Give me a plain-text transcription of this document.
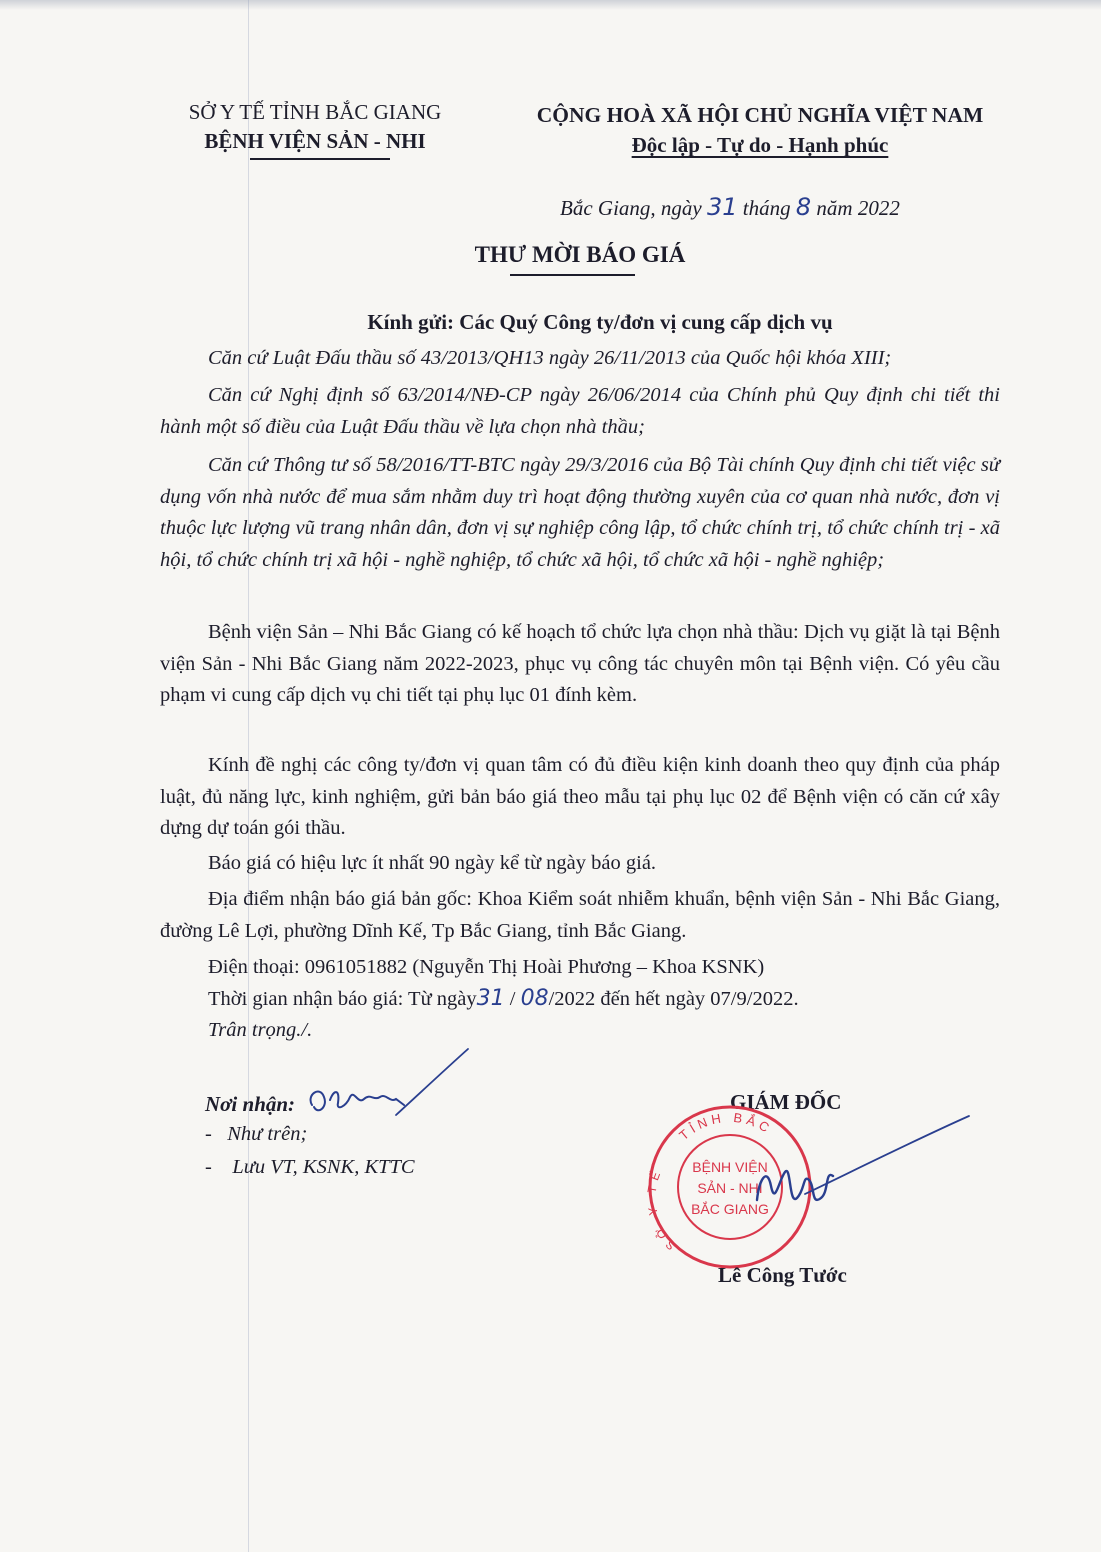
SỞ Y TẾ TỈNH BẮC GIANG
BỆNH VIỆN SẢN - NHI
CỘNG HOÀ XÃ HỘI CHỦ NGHĨA VIỆT NAM
Độc lập - Tự do - Hạnh phúc
Bắc Giang, ngày 31 tháng 8 năm 2022
THƯ MỜI BÁO GIÁ
Kính gửi: Các Quý Công ty/đơn vị cung cấp dịch vụ
Căn cứ Luật Đấu thầu số 43/2013/QH13 ngày 26/11/2013 của Quốc hội khóa XIII;
Căn cứ Nghị định số 63/2014/NĐ-CP ngày 26/06/2014 của Chính phủ Quy định chi tiết thi hành một số điều của Luật Đấu thầu về lựa chọn nhà thầu;
Căn cứ Thông tư số 58/2016/TT-BTC ngày 29/3/2016 của Bộ Tài chính Quy định chi tiết việc sử dụng vốn nhà nước để mua sắm nhằm duy trì hoạt động thường xuyên của cơ quan nhà nước, đơn vị thuộc lực lượng vũ trang nhân dân, đơn vị sự nghiệp công lập, tổ chức chính trị, tổ chức chính trị - xã hội, tổ chức chính trị xã hội - nghề nghiệp, tổ chức xã hội, tổ chức xã hội - nghề nghiệp;
Bệnh viện Sản – Nhi Bắc Giang có kế hoạch tổ chức lựa chọn nhà thầu: Dịch vụ giặt là tại Bệnh viện Sản - Nhi Bắc Giang năm 2022-2023, phục vụ công tác chuyên môn tại Bệnh viện. Có yêu cầu phạm vi cung cấp dịch vụ chi tiết tại phụ lục 01 đính kèm.
Kính đề nghị các công ty/đơn vị quan tâm có đủ điều kiện kinh doanh theo quy định của pháp luật, đủ năng lực, kinh nghiệm, gửi bản báo giá theo mẫu tại phụ lục 02 để Bệnh viện có căn cứ xây dựng dự toán gói thầu.
Báo giá có hiệu lực ít nhất 90 ngày kể từ ngày báo giá.
Địa điểm nhận báo giá bản gốc: Khoa Kiểm soát nhiễm khuẩn, bệnh viện Sản - Nhi Bắc Giang, đường Lê Lợi, phường Dĩnh Kế, Tp Bắc Giang, tỉnh Bắc Giang.
Điện thoại: 0961051882 (Nguyễn Thị Hoài Phương – Khoa KSNK)
Thời gian nhận báo giá: Từ ngày31 / 08/2022 đến hết ngày 07/9/2022.
Trân trọng./.
Nơi nhận:
-   Như trên;
-    Lưu VT, KSNK, KTTC
GIÁM ĐỐC
TỈNH BẮC
SỞ Y TẾ	BỆNH VIỆN
SẢN - NHI
BẮC GIANG
Lê Công Tước
